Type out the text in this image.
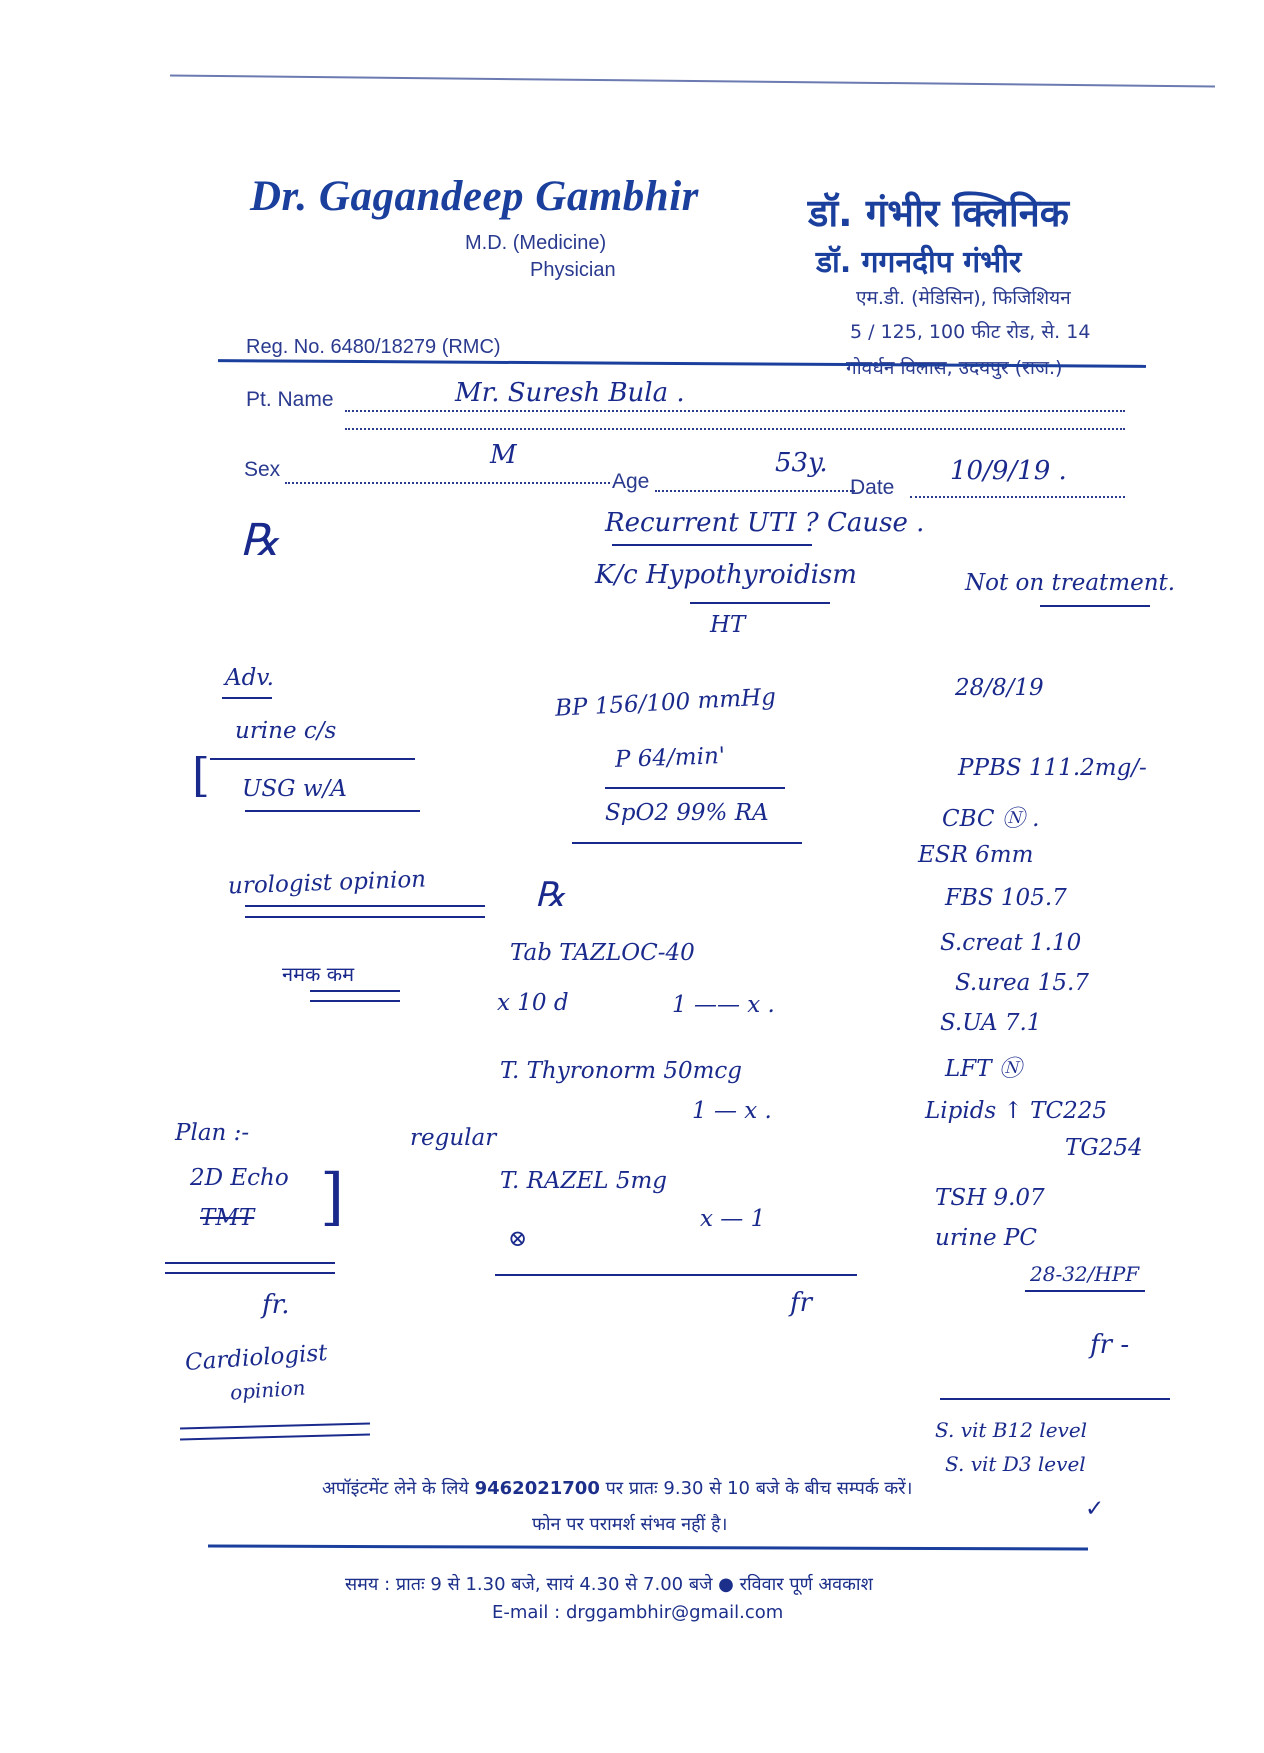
Dr. Gagandeep Gambhir
M.D. (Medicine)
Physician
Reg. No. 6480/18279 (RMC)
डॉ. गंभीर क्लिनिक
डॉ. गगनदीप गंभीर
एम.डी. (मेडिसिन), फिजिशियन
5 / 125, 100 फीट रोड, से. 14
गोवर्धन विलास, उदयपुर (राज.)
Pt. Name	Mr. Suresh Bula .
Sex	M
Age
53y.
Date
10/9/19 .
℞	Recurrent UTI ? Cause .
K/c Hypothyroidism	Not on treatment.
HT
Adv.
urine c/s
[ USG w/A
urologist opinion
नमक कम
Plan :-
2D Echo
TMT ]
fr.
Cardiologist
opinion
BP 156/100 mmHg
P 64/min'
SpO2 99% RA
℞
Tab TAZLOC-40
x 10 d	1 —— x .
T. Thyronorm 50mcg
1 — x .
regular
T. RAZEL 5mg
x — 1
⊗
fr
28/8/19
PPBS 111.2mg/-
CBC Ⓝ .
ESR 6mm
FBS 105.7
S.creat 1.10
S.urea 15.7
S.UA 7.1
LFT Ⓝ
Lipids ↑ TC225
TG254
TSH 9.07
urine PC
28-32/HPF
fr -
S. vit B12 level
S. vit D3 level
✓
अपॉइंटमेंट लेने के लिये 9462021700 पर प्रातः 9.30 से 10 बजे के बीच सम्पर्क करें।
फोन पर परामर्श संभव नहीं है।
समय : प्रातः 9 से 1.30 बजे, सायं 4.30 से 7.00 बजे ● रविवार पूर्ण अवकाश
E-mail : drggambhir@gmail.com
